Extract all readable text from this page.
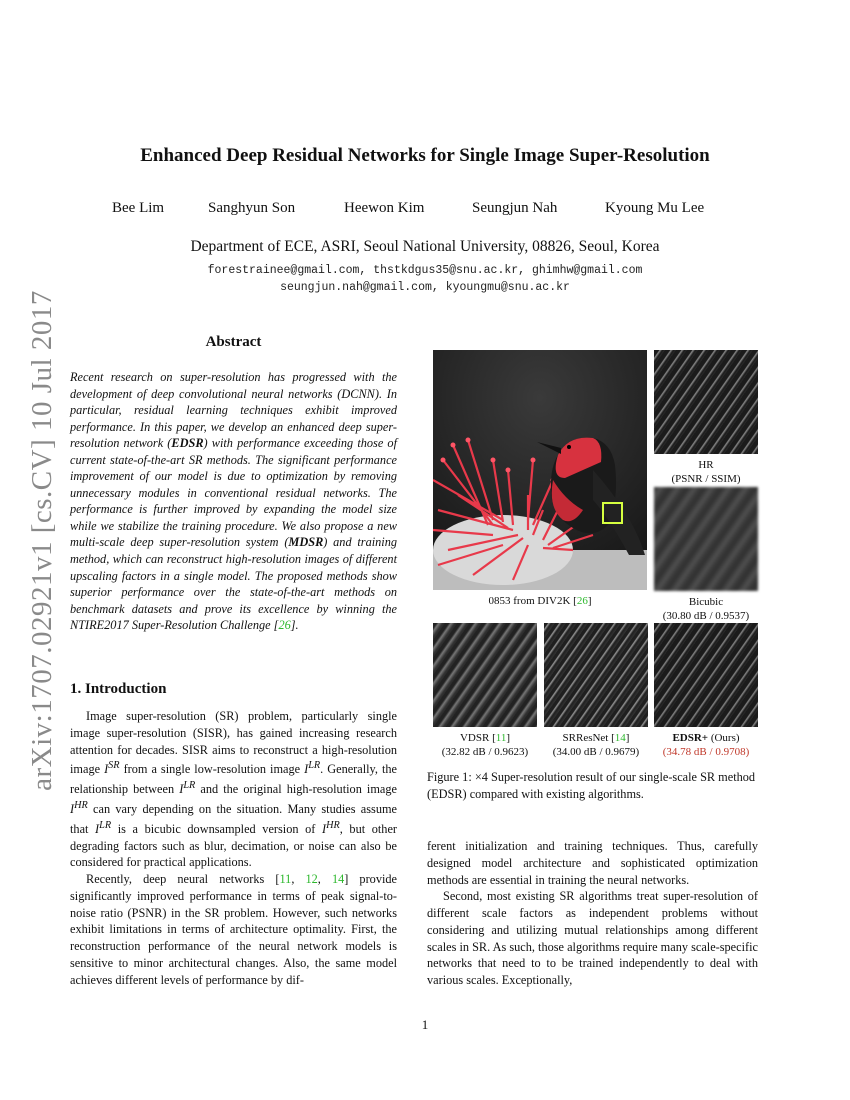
arXiv:1707.02921v1 [cs.CV] 10 Jul 2017
Enhanced Deep Residual Networks for Single Image Super-Resolution
Bee Lim	Sanghyun Son	Heewon Kim	Seungjun Nah	Kyoung Mu Lee
Department of ECE, ASRI, Seoul National University, 08826, Seoul, Korea
forestrainee@gmail.com, thstkdgus35@snu.ac.kr, ghimhw@gmail.com
seungjun.nah@gmail.com, kyoungmu@snu.ac.kr
Abstract
Recent research on super-resolution has progressed with the development of deep convolutional neural networks (DCNN). In particular, residual learning techniques exhibit improved performance. In this paper, we develop an enhanced deep super-resolution network (EDSR) with performance exceeding those of current state-of-the-art SR methods. The significant performance improvement of our model is due to optimization by removing unnecessary modules in conventional residual networks. The performance is further improved by expanding the model size while we stabilize the training procedure. We also propose a new multi-scale deep super-resolution system (MDSR) and training method, which can reconstruct high-resolution images of different upscaling factors in a single model. The proposed methods show superior performance over the state-of-the-art methods on benchmark datasets and prove its excellence by winning the NTIRE2017 Super-Resolution Challenge [26].
1. Introduction

Image super-resolution (SR) problem, particularly single image super-resolution (SISR), has gained increasing research attention for decades. SISR aims to reconstruct a high-resolution image $I^{SR}$ from a single low-resolution image $I^{LR}$. Generally, the relationship between $I^{LR}$ and the original high-resolution image $I^{HR}$ can vary depending on the situation. Many studies assume that $I^{LR}$ is a bicubic downsampled version of $I^{HR}$, but other degrading factors such as blur, decimation, or noise can also be considered for practical applications.

Recently, deep neural networks [11, 12, 14] provide significantly improved performance in terms of peak signal-to-noise ratio (PSNR) in the SR problem. However, such networks exhibit limitations in terms of architecture optimality. First, the reconstruction performance of the neural network models is sensitive to minor architectural changes. Also, the same model achieves different levels of performance by dif-

0853 from DIV2K [26]
HR
(PSNR / SSIM)
Bicubic
(30.80 dB / 0.9537)
VDSR [11]
(32.82 dB / 0.9623)
SRResNet [14]
(34.00 dB / 0.9679)
EDSR+ (Ours)
(34.78 dB / 0.9708)
Figure 1: ×4 Super-resolution result of our single-scale SR method (EDSR) compared with existing algorithms.

ferent initialization and training techniques. Thus, carefully designed model architecture and sophisticated optimization methods are essential in training the neural networks.

Second, most existing SR algorithms treat super-resolution of different scale factors as independent problems without considering and utilizing mutual relationships among different scales in SR. As such, those algorithms require many scale-specific networks that need to to be trained independently to deal with various scales. Exceptionally,

1
